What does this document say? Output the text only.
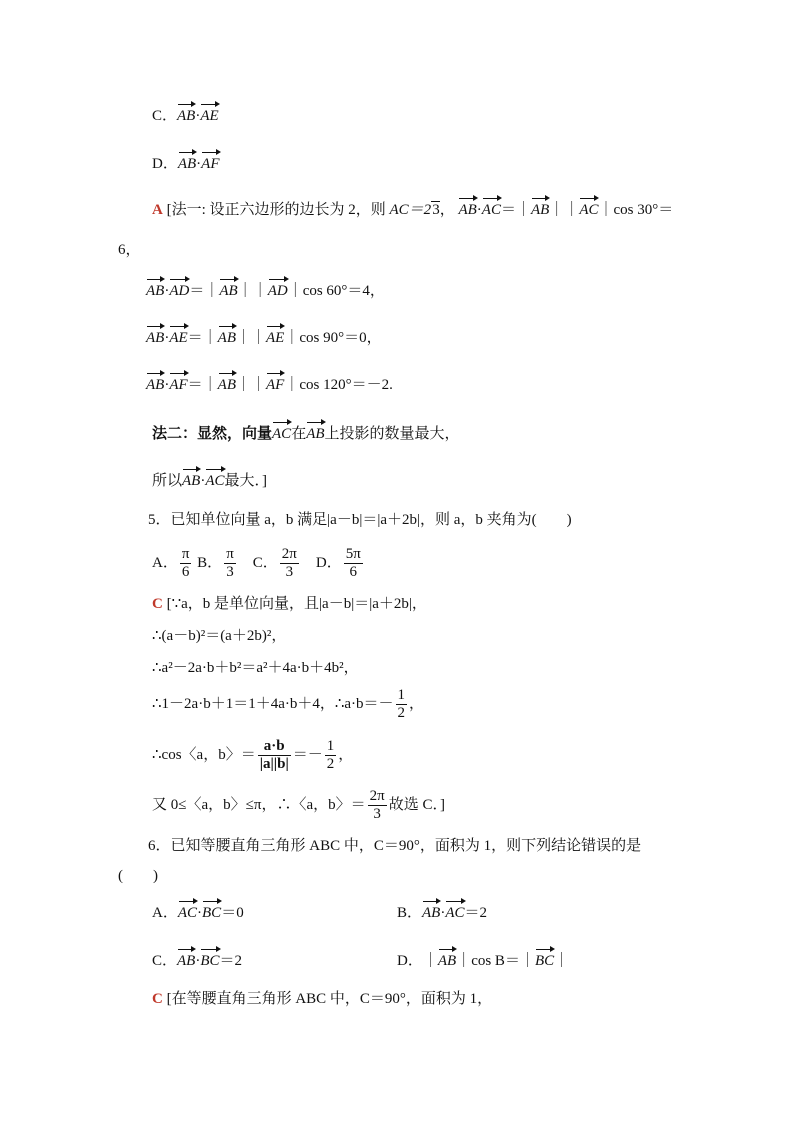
C．AB·AE
D．AB·AF
A [法一: 设正六边形的边长为 2，则 AC＝23， AB·AC＝｜AB｜｜AC｜cos 30°＝
6，
AB·AD＝｜AB｜｜AD｜cos 60°＝4，
AB·AE＝｜AB｜｜AE｜cos 90°＝0，
AB·AF＝｜AB｜｜AF｜cos 120°＝－2.
法二：显然，向量AC在AB上投影的数量最大，
所以AB·AC最大．]
5．已知单位向量 a，b 满足|a－b|＝|a＋2b|，则 a，b 夹角为(　　)
A． $\frac{\pi}{6}$ B． $\frac{\pi}{3}$ C． $\frac{2\pi}{3}$ D． $\frac{5\pi}{6}$
C [∵a，b 是单位向量，且|a－b|＝|a＋2b|，
∴(a－b)²＝(a＋2b)²，
∴a²－2a·b＋b²＝a²＋4a·b＋4b²，
∴1－2a·b＋1＝1＋4a·b＋4，∴a·b＝－ $\frac{1}{2}$ ，
∴cos〈a，b〉＝ $\frac{a\cdot b}{|a||b|} =- \frac{1}{2}$ ，
又 0≤〈a，b〉≤π，∴〈a，b〉＝ $\frac{2\pi}{3}$ 故选 C．]
6．已知等腰直角三角形 ABC 中，C＝90°，面积为 1，则下列结论错误的是
(　　)
A．AC·BC＝0	B．AB·AC＝2
C．AB·BC＝2	D．｜AB｜cos B＝｜BC｜
C [在等腰直角三角形 ABC 中，C＝90°，面积为 1，
